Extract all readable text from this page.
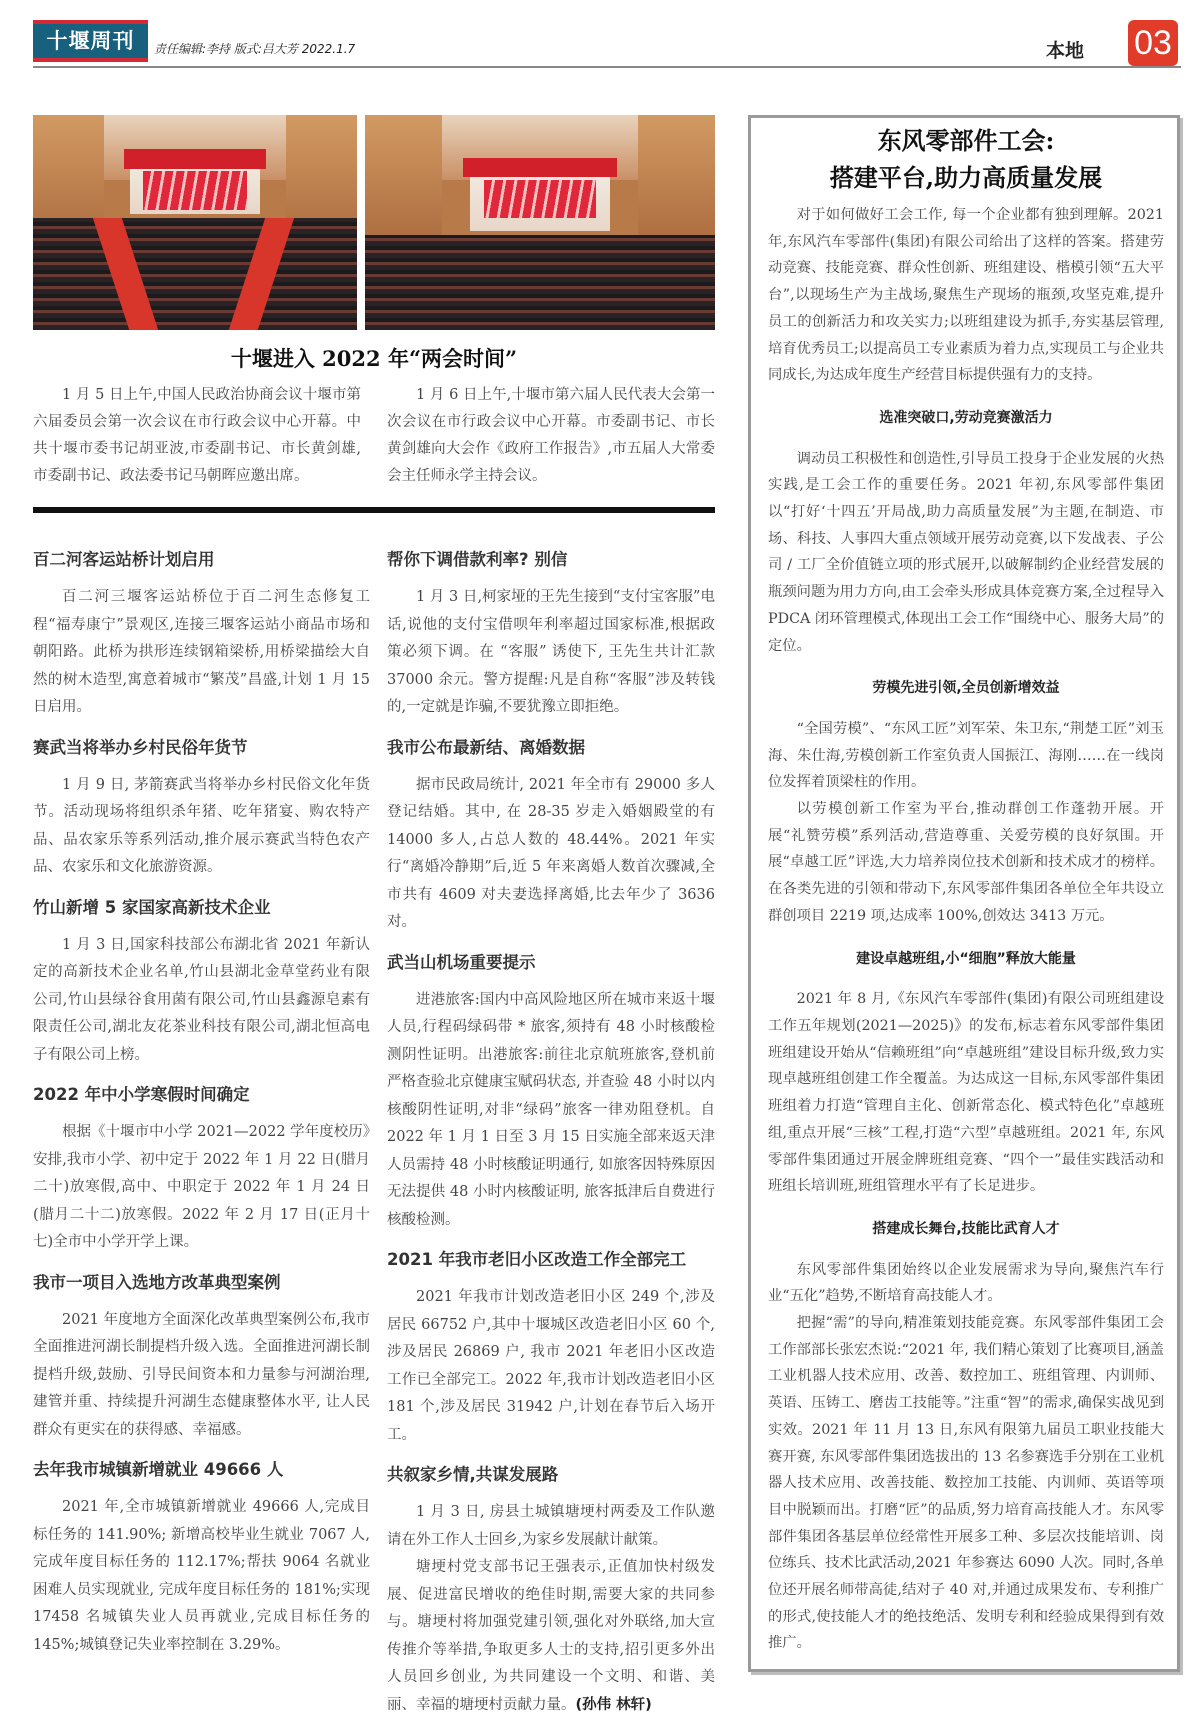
十堰周刊	责任编辑:李持 版式:吕大芳 2022.1.7	本地 03
十堰进入 2022 年“两会时间”

1 月 5 日上午,中国人民政治协商会议十堰市第六届委员会第一次会议在市行政会议中心开幕。中共十堰市委书记胡亚波,市委副书记、市长黄剑雄,市委副书记、政法委书记马朝晖应邀出席。

1 月 6 日上午,十堰市第六届人民代表大会第一次会议在市行政会议中心开幕。市委副书记、市长黄剑雄向大会作《政府工作报告》,市五届人大常委会主任师永学主持会议。

百二河客运站桥计划启用

百二河三堰客运站桥位于百二河生态修复工程“福寿康宁”景观区,连接三堰客运站小商品市场和朝阳路。此桥为拱形连续钢箱梁桥,用桥梁描绘大自然的树木造型,寓意着城市“繁茂”昌盛,计划 1 月 15 日启用。

赛武当将举办乡村民俗年货节

1 月 9 日, 茅箭赛武当将举办乡村民俗文化年货节。活动现场将组织杀年猪、吃年猪宴、购农特产品、品农家乐等系列活动,推介展示赛武当特色农产品、农家乐和文化旅游资源。

竹山新增 5 家国家高新技术企业

1 月 3 日,国家科技部公布湖北省 2021 年新认定的高新技术企业名单,竹山县湖北金草堂药业有限公司,竹山县绿谷食用菌有限公司,竹山县鑫源皂素有限责任公司,湖北友花茶业科技有限公司,湖北恒高电子有限公司上榜。

2022 年中小学寒假时间确定

根据《十堰市中小学 2021—2022 学年度校历》安排,我市小学、初中定于 2022 年 1 月 22 日(腊月二十)放寒假,高中、中职定于 2022 年 1 月 24 日(腊月二十二)放寒假。2022 年 2 月 17 日(正月十七)全市中小学开学上课。

我市一项目入选地方改革典型案例

2021 年度地方全面深化改革典型案例公布,我市全面推进河湖长制提档升级入选。全面推进河湖长制提档升级,鼓励、引导民间资本和力量参与河湖治理,建管并重、持续提升河湖生态健康整体水平, 让人民群众有更实在的获得感、幸福感。

去年我市城镇新增就业 49666 人

2021 年,全市城镇新增就业 49666 人,完成目标任务的 141.90%; 新增高校毕业生就业 7067 人,完成年度目标任务的 112.17%;帮扶 9064 名就业困难人员实现就业, 完成年度目标任务的 181%;实现 17458 名城镇失业人员再就业,完成目标任务的 145%;城镇登记失业率控制在 3.29%。

帮你下调借款利率? 别信

1 月 3 日,柯家垭的王先生接到“支付宝客服”电话,说他的支付宝借呗年利率超过国家标准,根据政策必须下调。在 “客服” 诱使下, 王先生共计汇款 37000 余元。警方提醒:凡是自称“客服”涉及转钱的,一定就是诈骗,不要犹豫立即拒绝。

我市公布最新结、离婚数据

据市民政局统计, 2021 年全市有 29000 多人登记结婚。其中, 在 28-35 岁走入婚姻殿堂的有 14000 多人,占总人数的 48.44%。2021 年实行“离婚冷静期”后,近 5 年来离婚人数首次骤减,全市共有 4609 对夫妻选择离婚,比去年少了 3636 对。

武当山机场重要提示

进港旅客:国内中高风险地区所在城市来返十堰人员,行程码绿码带 * 旅客,须持有 48 小时核酸检测阴性证明。出港旅客:前往北京航班旅客,登机前严格查验北京健康宝赋码状态, 并查验 48 小时以内核酸阴性证明,对非“绿码”旅客一律劝阻登机。自 2022 年 1 月 1 日至 3 月 15 日实施全部来返天津人员需持 48 小时核酸证明通行, 如旅客因特殊原因无法提供 48 小时内核酸证明, 旅客抵津后自费进行核酸检测。

2021 年我市老旧小区改造工作全部完工

2021 年我市计划改造老旧小区 249 个,涉及居民 66752 户,其中十堰城区改造老旧小区 60 个,涉及居民 26869 户, 我市 2021 年老旧小区改造工作已全部完工。2022 年,我市计划改造老旧小区 181 个,涉及居民 31942 户,计划在春节后入场开工。

共叙家乡情,共谋发展路

1 月 3 日, 房县土城镇塘埂村两委及工作队邀请在外工作人士回乡,为家乡发展献计献策。

塘埂村党支部书记王强表示,正值加快村级发展、促进富民增收的绝佳时期,需要大家的共同参与。塘埂村将加强党建引领,强化对外联络,加大宣传推介等举措,争取更多人士的支持,招引更多外出人员回乡创业, 为共同建设一个文明、和谐、美丽、幸福的塘埂村贡献力量。(孙伟 林轩)

东风零部件工会:
搭建平台,助力高质量发展

对于如何做好工会工作, 每一个企业都有独到理解。2021 年,东风汽车零部件(集团)有限公司给出了这样的答案。搭建劳动竞赛、技能竞赛、群众性创新、班组建设、楷模引领“五大平台”,以现场生产为主战场,聚焦生产现场的瓶颈,攻坚克难,提升员工的创新活力和攻关实力;以班组建设为抓手,夯实基层管理,培育优秀员工;以提高员工专业素质为着力点,实现员工与企业共同成长,为达成年度生产经营目标提供强有力的支持。

选准突破口,劳动竞赛激活力

调动员工积极性和创造性,引导员工投身于企业发展的火热实践,是工会工作的重要任务。2021 年初,东风零部件集团以“打好‘十四五’开局战,助力高质量发展”为主题,在制造、市场、科技、人事四大重点领域开展劳动竞赛,以下发战表、子公司 / 工厂全价值链立项的形式展开,以破解制约企业经营发展的瓶颈问题为用力方向,由工会牵头形成具体竞赛方案,全过程导入 PDCA 闭环管理模式,体现出工会工作“围绕中心、服务大局”的定位。

劳模先进引领,全员创新增效益

“全国劳模”、“东风工匠”刘军荣、朱卫东,“荆楚工匠”刘玉海、朱仕海,劳模创新工作室负责人国振江、海刚……在一线岗位发挥着顶梁柱的作用。

以劳模创新工作室为平台,推动群创工作蓬勃开展。开展“礼赞劳模”系列活动,营造尊重、关爱劳模的良好氛围。开展“卓越工匠”评选,大力培养岗位技术创新和技术成才的榜样。在各类先进的引领和带动下,东风零部件集团各单位全年共设立群创项目 2219 项,达成率 100%,创效达 3413 万元。

建设卓越班组,小“细胞”释放大能量

2021 年 8 月,《东风汽车零部件(集团)有限公司班组建设工作五年规划(2021—2025)》的发布,标志着东风零部件集团班组建设开始从“信赖班组”向“卓越班组”建设目标升级,致力实现卓越班组创建工作全覆盖。为达成这一目标,东风零部件集团班组着力打造“管理自主化、创新常态化、模式特色化”卓越班组,重点开展“三核”工程,打造“六型”卓越班组。2021 年, 东风零部件集团通过开展金牌班组竞赛、“四个一”最佳实践活动和班组长培训班,班组管理水平有了长足进步。

搭建成长舞台,技能比武育人才

东风零部件集团始终以企业发展需求为导向,聚焦汽车行业“五化”趋势,不断培育高技能人才。

把握“需”的导向,精准策划技能竞赛。东风零部件集团工会工作部部长张宏杰说:“2021 年, 我们精心策划了比赛项目,涵盖工业机器人技术应用、改善、数控加工、班组管理、内训师、英语、压铸工、磨齿工技能等。”注重“智”的需求,确保实战见到实效。2021 年 11 月 13 日,东风有限第九届员工职业技能大赛开赛, 东风零部件集团选拔出的 13 名参赛选手分别在工业机器人技术应用、改善技能、数控加工技能、内训师、英语等项目中脱颖而出。打磨“匠”的品质,努力培育高技能人才。东风零部件集团各基层单位经常性开展多工种、多层次技能培训、岗位练兵、技术比武活动,2021 年参赛达 6090 人次。同时,各单位还开展名师带高徒,结对子 40 对,并通过成果发布、专利推广的形式,使技能人才的绝技绝活、发明专利和经验成果得到有效推广。
